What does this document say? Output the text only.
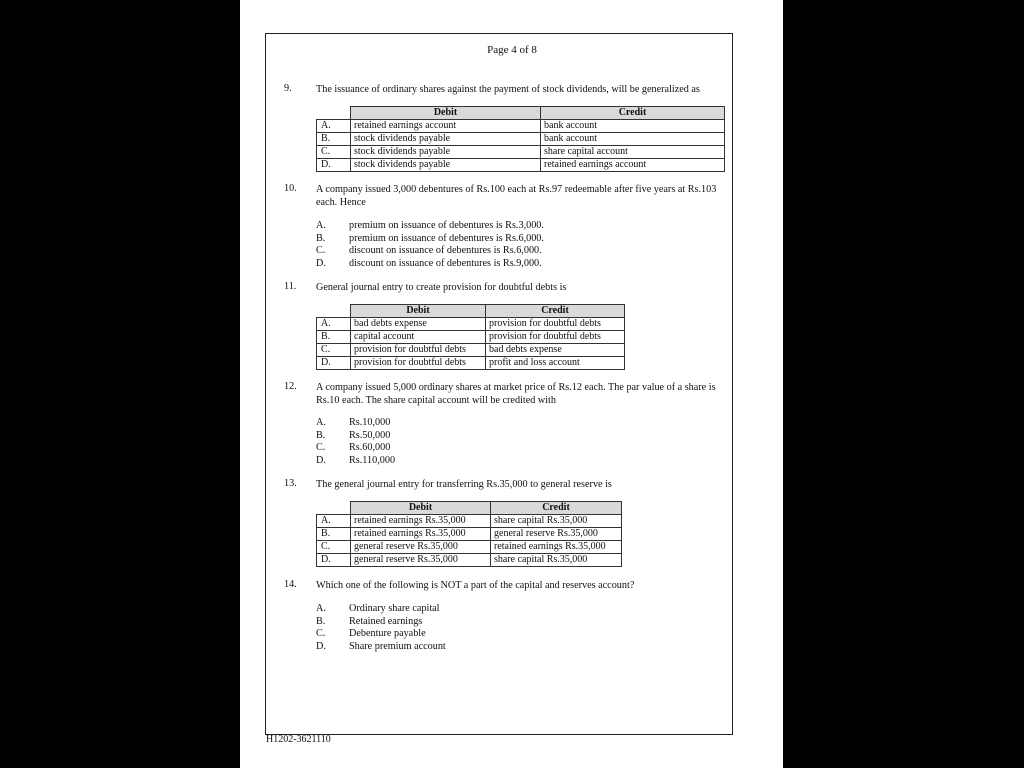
Page 4 of 8
9. The issuance of ordinary shares against the payment of stock dividends, will be generalized as
	Debit	Credit
A.	retained earnings account	bank account
B.	stock dividends payable	bank account
C.	stock dividends payable	share capital account
D.	stock dividends payable	retained earnings account
10. A company issued 3,000 debentures of Rs.100 each at Rs.97 redeemable after five years at Rs.103 each. Hence
A.	premium on issuance of debentures is Rs.3,000.
B.	premium on issuance of debentures is Rs.6,000.
C.	discount on issuance of debentures is Rs.6,000.
D.	discount on issuance of debentures is Rs.9,000.
11. General journal entry to create provision for doubtful debts is
	Debit	Credit
A.	bad debts expense	provision for doubtful debts
B.	capital account	provision for doubtful debts
C.	provision for doubtful debts	bad debts expense
D.	provision for doubtful debts	profit and loss account
12. A company issued 5,000 ordinary shares at market price of Rs.12 each. The par value of a share is Rs.10 each. The share capital account will be credited with
A.	Rs.10,000
B.	Rs.50,000
C.	Rs.60,000
D.	Rs.110,000
13. The general journal entry for transferring Rs.35,000 to general reserve is
	Debit	Credit
A.	retained earnings Rs.35,000	share capital Rs.35,000
B.	retained earnings Rs.35,000	general reserve Rs.35,000
C.	general reserve Rs.35,000	retained earnings Rs.35,000
D.	general reserve Rs.35,000	share capital Rs.35,000
14. Which one of the following is NOT a part of the capital and reserves account?
A.	Ordinary share capital
B.	Retained earnings
C.	Debenture payable
D.	Share premium account
H1202-3621110
